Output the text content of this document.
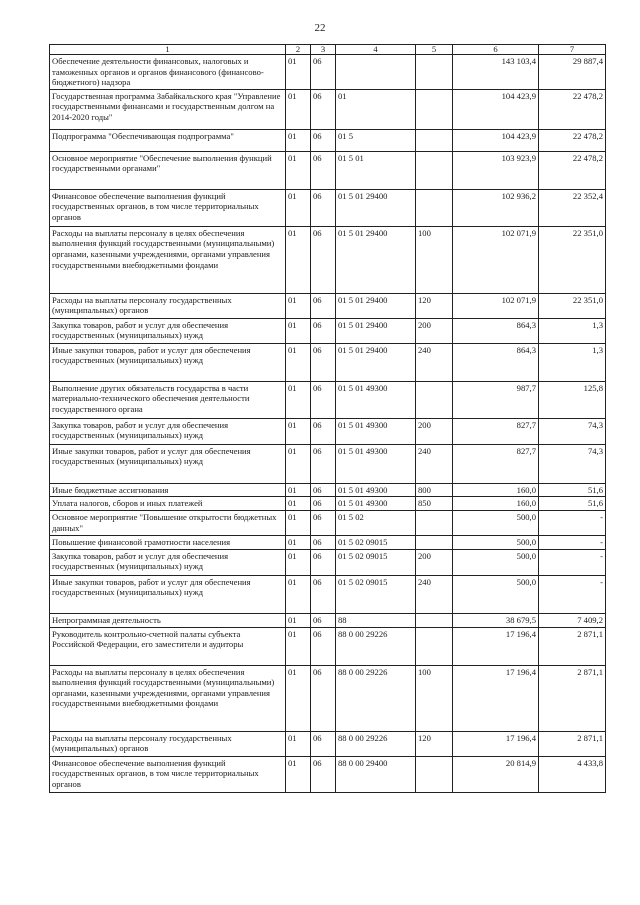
22
1	2	3	4	5	6	7
Обеспечение деятельности финансовых, налоговых и таможенных органов и органов финансового (финансово-бюджетного) надзора	01	06			143 103,4	29 887,4
Государственная программа Забайкальского края "Управление государственными финансами и государственным долгом на 2014-2020 годы"	01	06	01		104 423,9	22 478,2
Подпрограмма "Обеспечивающая подпрограмма"	01	06	01 5		104 423,9	22 478,2
Основное мероприятие "Обеспечение выполнения функций государственными органами"	01	06	01 5 01		103 923,9	22 478,2
Финансовое обеспечение выполнения функций государственных органов, в том числе территориальных органов	01	06	01 5 01 29400		102 936,2	22 352,4
Расходы на выплаты персоналу в целях обеспечения выполнения функций государственными (муниципальными) органами, казенными учреждениями, органами управления государственными внебюджетными фондами	01	06	01 5 01 29400	100	102 071,9	22 351,0
Расходы на выплаты персоналу государственных (муниципальных) органов	01	06	01 5 01 29400	120	102 071,9	22 351,0
Закупка товаров, работ и услуг для обеспечения государственных (муниципальных) нужд	01	06	01 5 01 29400	200	864,3	1,3
Иные закупки товаров, работ и услуг для обеспечения государственных (муниципальных) нужд	01	06	01 5 01 29400	240	864,3	1,3
Выполнение других обязательств государства в части материально-технического обеспечения деятельности государственного органа	01	06	01 5 01 49300		987,7	125,8
Закупка товаров, работ и услуг для обеспечения государственных (муниципальных) нужд	01	06	01 5 01 49300	200	827,7	74,3
Иные закупки товаров, работ и услуг для обеспечения государственных (муниципальных) нужд	01	06	01 5 01 49300	240	827,7	74,3
Иные бюджетные ассигнования	01	06	01 5 01 49300	800	160,0	51,6
Уплата налогов, сборов и иных платежей	01	06	01 5 01 49300	850	160,0	51,6
Основное мероприятие "Повышение открытости бюджетных данных"	01	06	01 5 02		500,0	-
Повышение финансовой грамотности населения	01	06	01 5 02 09015		500,0	-
Закупка товаров, работ и услуг для обеспечения государственных (муниципальных) нужд	01	06	01 5 02 09015	200	500,0	-
Иные закупки товаров, работ и услуг для обеспечения государственных (муниципальных) нужд	01	06	01 5 02 09015	240	500,0	-
Непрограммная деятельность	01	06	88		38 679,5	7 409,2
Руководитель контрольно-счетной палаты субъекта Российской Федерации, его заместители и аудиторы	01	06	88 0 00 29226		17 196,4	2 871,1
Расходы на выплаты персоналу в целях обеспечения выполнения функций государственными (муниципальными) органами, казенными учреждениями, органами управления государственными внебюджетными фондами	01	06	88 0 00 29226	100	17 196,4	2 871,1
Расходы на выплаты персоналу государственных (муниципальных) органов	01	06	88 0 00 29226	120	17 196,4	2 871,1
Финансовое обеспечение выполнения функций государственных органов, в том числе территориальных органов	01	06	88 0 00 29400		20 814,9	4 433,8
